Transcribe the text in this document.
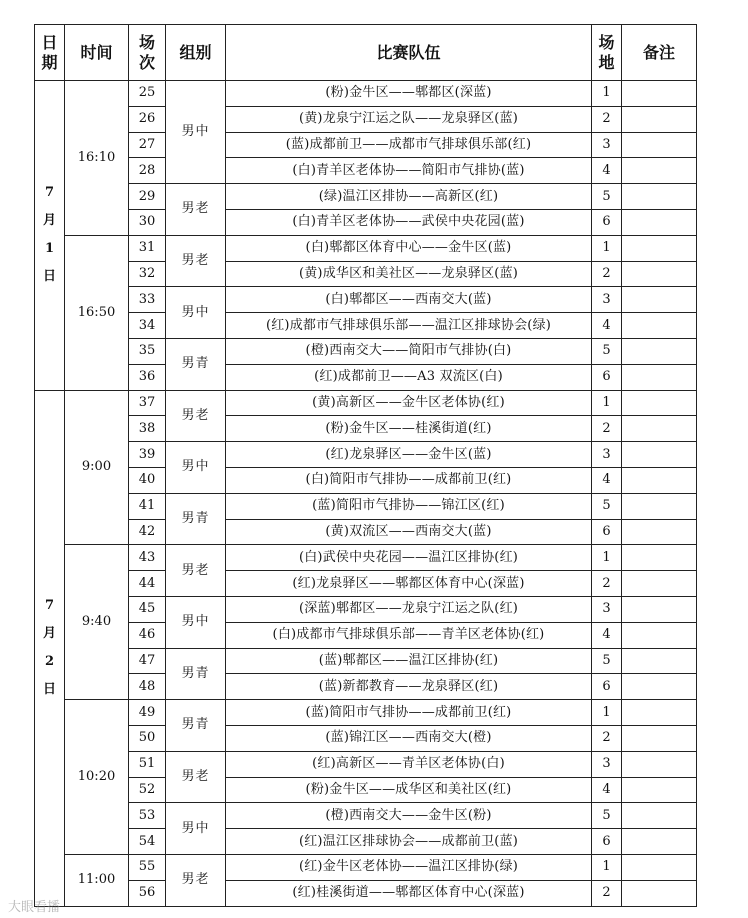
日
期	时间	场
次	组别	比赛队伍	场
地	备注
7

月

1

日	16:10	25	男中	(粉)金牛区——郫都区(深蓝)	1	
		26		(黄)龙泉宁江运之队——龙泉驿区(蓝)	2	
		27		(蓝)成都前卫——成都市气排球俱乐部(红)	3	
		28		(白)青羊区老体协——简阳市气排协(蓝)	4	
		29	男老	(绿)温江区排协——高新区(红)	5	
		30		(白)青羊区老体协——武侯中央花园(蓝)	6	
	16:50	31	男老	(白)郫都区体育中心——金牛区(蓝)	1	
		32		(黄)成华区和美社区——龙泉驿区(蓝)	2	
		33	男中	(白)郫都区——西南交大(蓝)	3	
		34		(红)成都市气排球俱乐部——温江区排球协会(绿)	4	
		35	男青	(橙)西南交大——简阳市气排协(白)	5	
		36		(红)成都前卫——A3 双流区(白)	6	
7

月

2

日	9:00	37	男老	(黄)高新区——金牛区老体协(红)	1	
		38		(粉)金牛区——桂溪街道(红)	2	
		39	男中	(红)龙泉驿区——金牛区(蓝)	3	
		40		(白)简阳市气排协——成都前卫(红)	4	
		41	男青	(蓝)简阳市气排协——锦江区(红)	5	
		42		(黄)双流区——西南交大(蓝)	6	
	9:40	43	男老	(白)武侯中央花园——温江区排协(红)	1	
		44		(红)龙泉驿区——郫都区体育中心(深蓝)	2	
		45	男中	(深蓝)郫都区——龙泉宁江运之队(红)	3	
		46		(白)成都市气排球俱乐部——青羊区老体协(红)	4	
		47	男青	(蓝)郫都区——温江区排协(红)	5	
		48		(蓝)新都教育——龙泉驿区(红)	6	
	10:20	49	男青	(蓝)简阳市气排协——成都前卫(红)	1	
		50		(蓝)锦江区——西南交大(橙)	2	
		51	男老	(红)高新区——青羊区老体协(白)	3	
		52		(粉)金牛区——成华区和美社区(红)	4	
		53	男中	(橙)西南交大——金牛区(粉)	5	
		54		(红)温江区排球协会——成都前卫(蓝)	6	
	11:00	55	男老	(红)金牛区老体协——温江区排协(绿)	1	
		56		(红)桂溪街道——郫都区体育中心(深蓝)	2	
大眼看播
